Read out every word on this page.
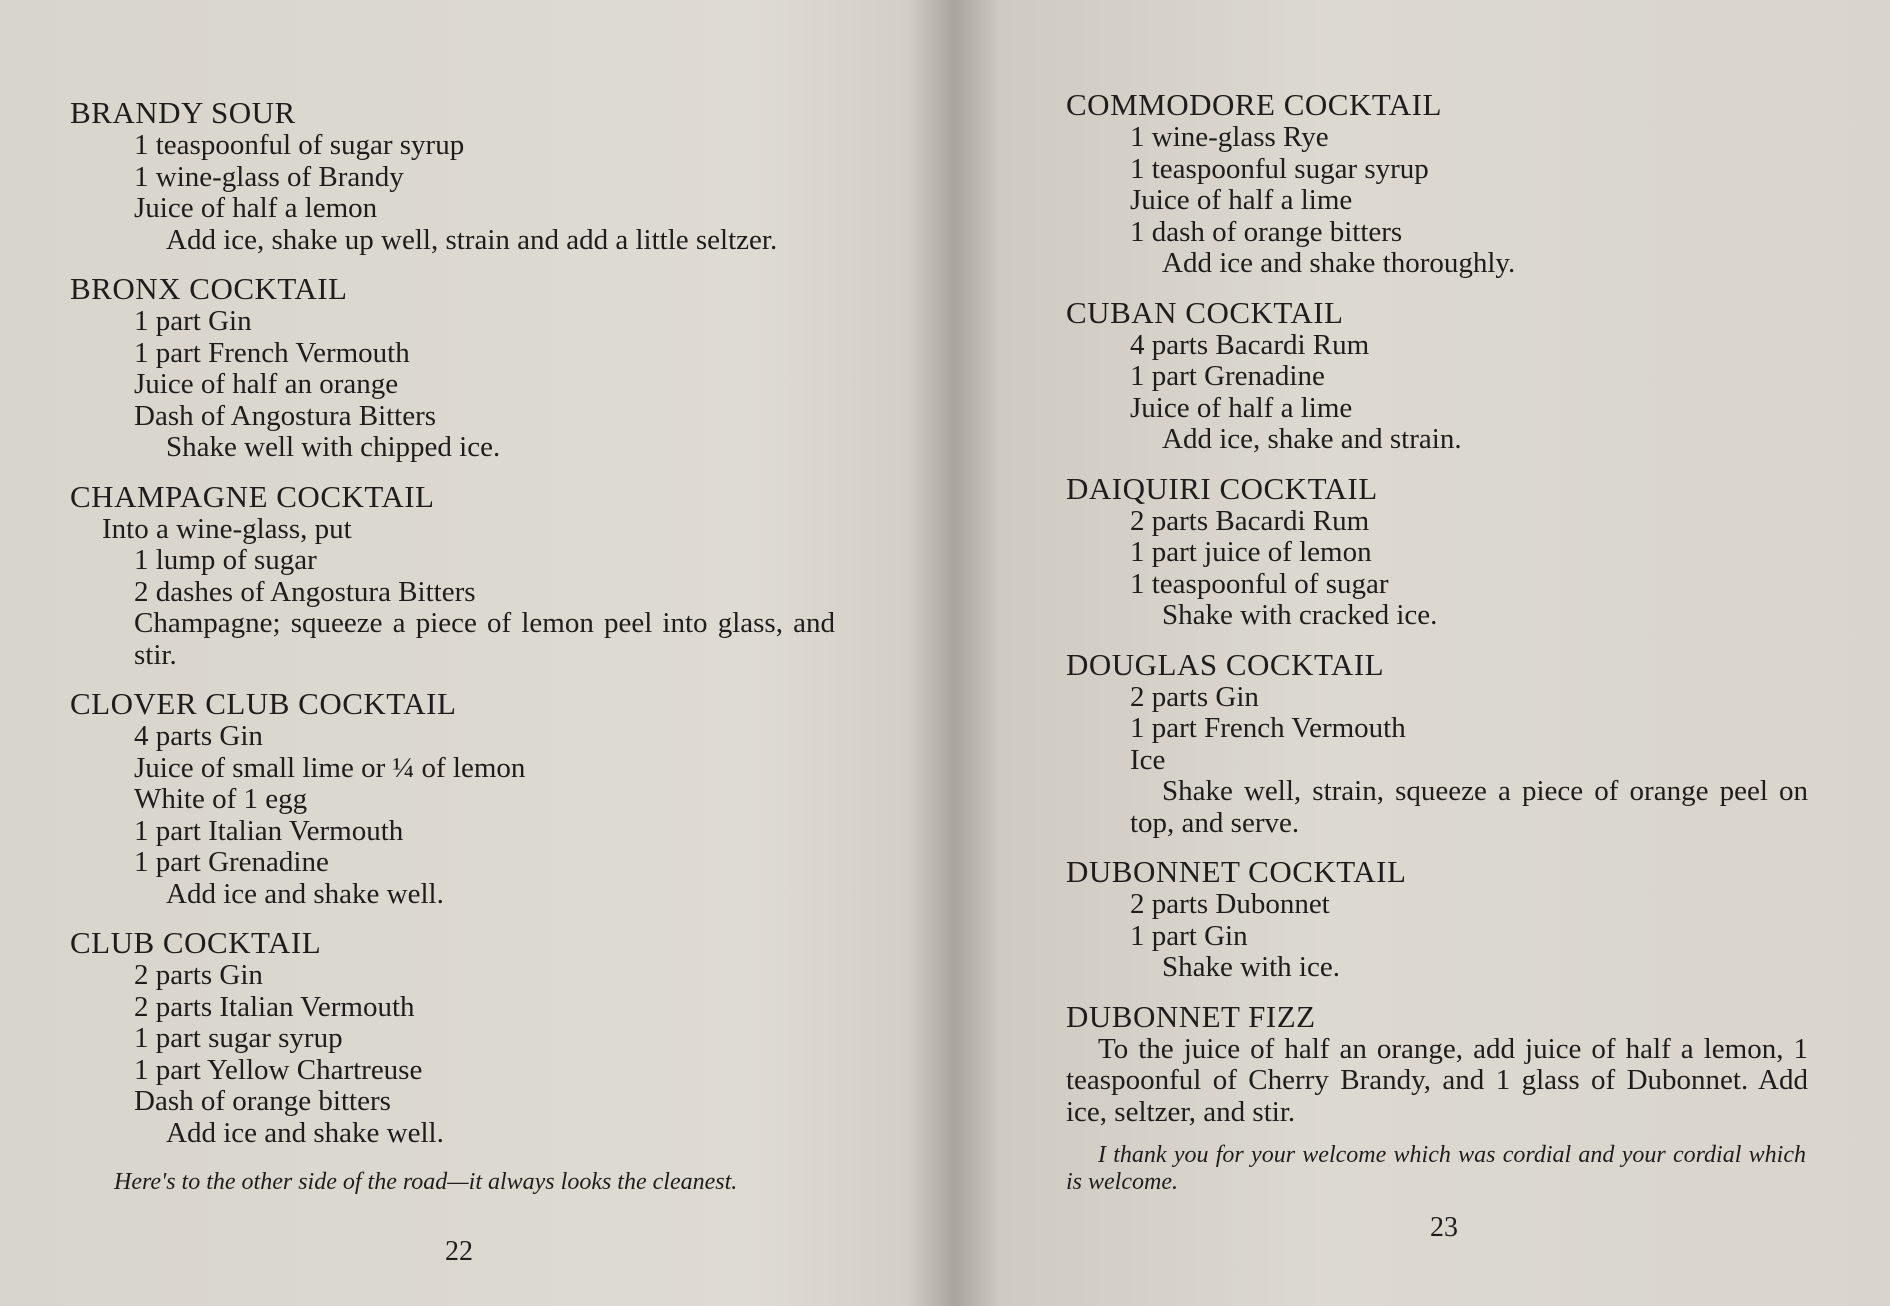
BRANDY SOUR
1 teaspoonful of sugar syrup
1 wine-glass of Brandy
Juice of half a lemon
Add ice, shake up well, strain and add a little seltzer.
BRONX COCKTAIL
1 part Gin
1 part French Vermouth
Juice of half an orange
Dash of Angostura Bitters
Shake well with chipped ice.
CHAMPAGNE COCKTAIL
Into a wine-glass, put
1 lump of sugar
2 dashes of Angostura Bitters
Champagne; squeeze a piece of lemon peel into glass, and stir.
CLOVER CLUB COCKTAIL
4 parts Gin
Juice of small lime or ¼ of lemon
White of 1 egg
1 part Italian Vermouth
1 part Grenadine
Add ice and shake well.
CLUB COCKTAIL
2 parts Gin
2 parts Italian Vermouth
1 part sugar syrup
1 part Yellow Chartreuse
Dash of orange bitters
Add ice and shake well.
Here's to the other side of the road—it always looks the cleanest.
22
COMMODORE COCKTAIL
1 wine-glass Rye
1 teaspoonful sugar syrup
Juice of half a lime
1 dash of orange bitters
Add ice and shake thoroughly.
CUBAN COCKTAIL
4 parts Bacardi Rum
1 part Grenadine
Juice of half a lime
Add ice, shake and strain.
DAIQUIRI COCKTAIL
2 parts Bacardi Rum
1 part juice of lemon
1 teaspoonful of sugar
Shake with cracked ice.
DOUGLAS COCKTAIL
2 parts Gin
1 part French Vermouth
Ice
Shake well, strain, squeeze a piece of orange peel on top, and serve.
DUBONNET COCKTAIL
2 parts Dubonnet
1 part Gin
Shake with ice.
DUBONNET FIZZ
To the juice of half an orange, add juice of half a lemon, 1 teaspoonful of Cherry Brandy, and 1 glass of Dubonnet. Add ice, seltzer, and stir.
I thank you for your welcome which was cordial and your cordial which is welcome.
23
